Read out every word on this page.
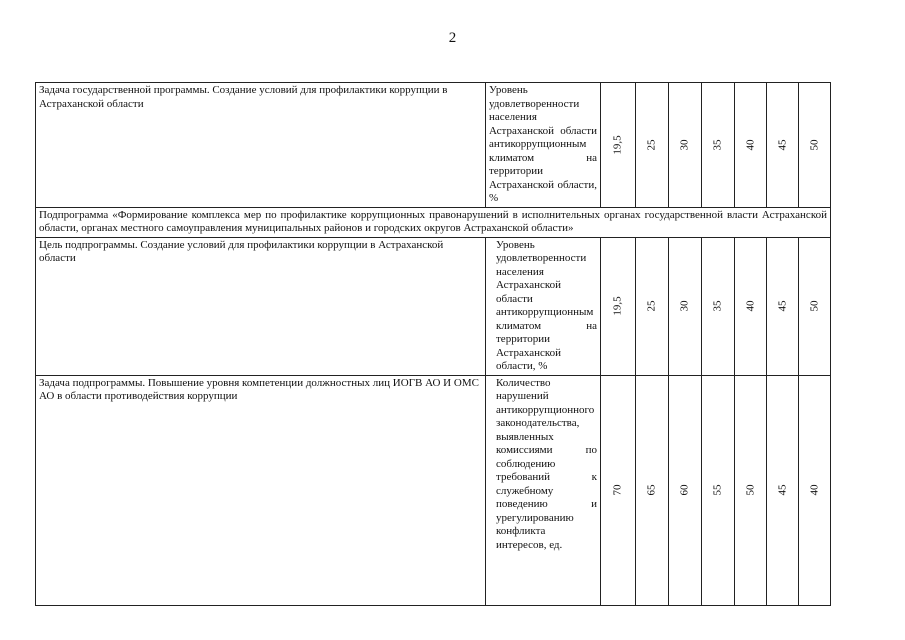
2
Задача государственной программы. Создание условий для профилактики коррупции в Астраханской области	Уровень удовлетворенности населения Астраханской области антикоррупционным климатом на территории Астраханской области, %	19,5	25	30	35	40	45	50

Подпрограмма «Формирование комплекса мер по профилактике коррупционных правонарушений в исполнительных органах государственной власти Астраханской области, органах местного самоуправления муниципальных районов и городских округов Астраханской области»								
Цель подпрограммы. Создание условий для профилактики коррупции в Астраханской области	Уровень удовлетворенности населения Астраханской области антикоррупционным климатом на территории Астраханской области, %	19,5	25	30	35	40	45	50

Задача подпрограммы. Повышение уровня компетенции должностных лиц ИОГВ АО И ОМС АО в области противодействия коррупции	Количество нарушений антикоррупционного законодательства, выявленных комиссиями по соблюдению требований к служебному поведению и урегулированию конфликта интересов, ед.	70	65	60	55	50	45	40
